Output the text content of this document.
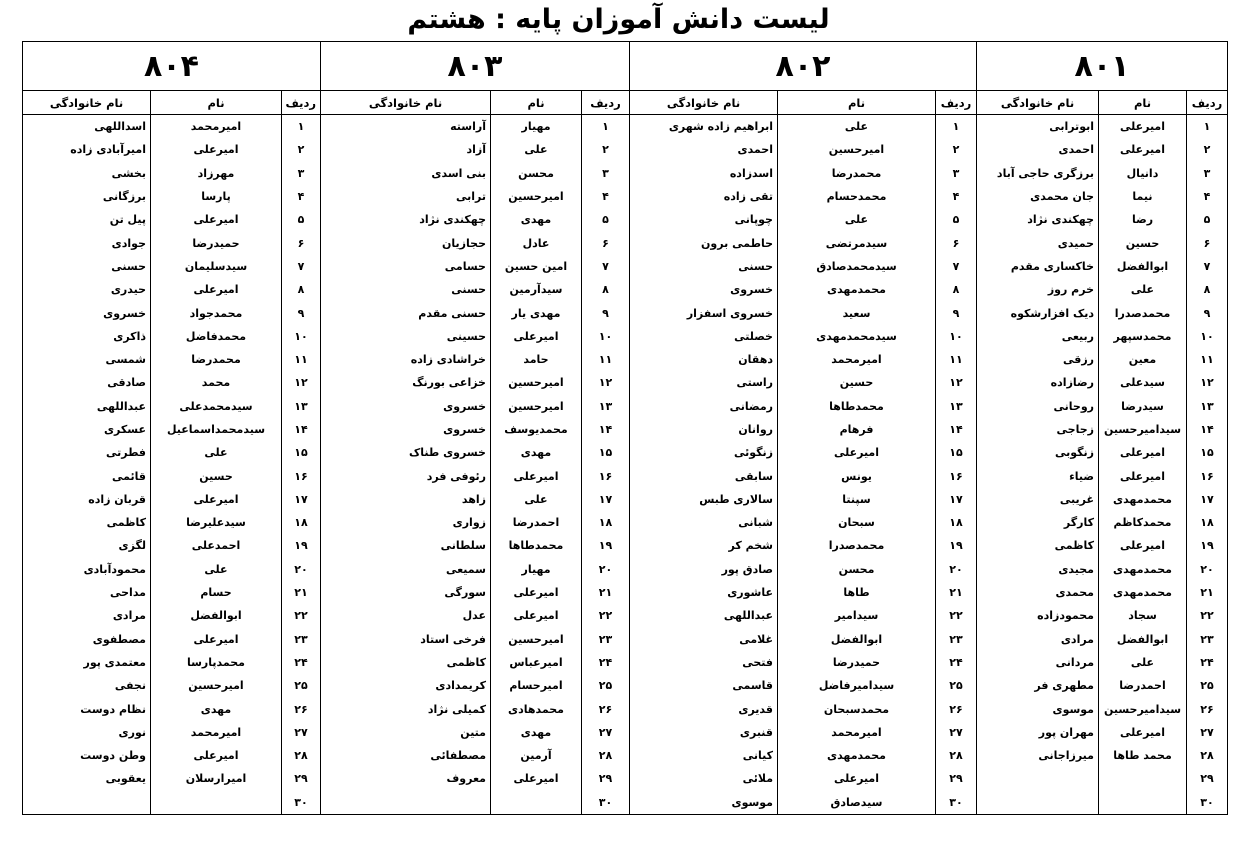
لیست دانش آموزان پایه : هشتم
۸۰۱			۸۰۲			۸۰۳			۸۰۴		
ردیف	نام	نام خانوادگی	ردیف	نام	نام خانوادگی	ردیف	نام	نام خانوادگی	ردیف	نام	نام خانوادگی
۱	امیرعلی	ابوترابی	۱	علی	ابراهیم زاده شهری	۱	مهیار	آراسته	۱	امیرمحمد	اسداللهی
۲	امیرعلی	احمدی	۲	امیرحسین	احمدی	۲	علی	آزاد	۲	امیرعلی	امیرآبادی زاده
۳	دانیال	برزگری حاجی آباد	۳	محمدرضا	اسدزاده	۳	محسن	بنی اسدی	۳	مهرزاد	بخشی
۴	نیما	جان محمدی	۴	محمدحسام	تقی زاده	۴	امیرحسین	ترابی	۴	پارسا	برزگانی
۵	رضا	چهکندی نژاد	۵	علی	چوپانی	۵	مهدی	چهکندی نژاد	۵	امیرعلی	پیل تن
۶	حسین	حمیدی	۶	سیدمرتضی	حاطمی برون	۶	عادل	حجازیان	۶	حمیدرضا	جوادی
۷	ابوالفضل	خاکساری مقدم	۷	سیدمحمدصادق	حسنی	۷	امین حسین	حسامی	۷	سیدسلیمان	حسنی
۸	علی	خرم روز	۸	محمدمهدی	خسروی	۸	سیدآرمین	حسنی	۸	امیرعلی	حیدری
۹	محمدصدرا	دیک افزارشکوه	۹	سعید	خسروی اسفزار	۹	مهدی یار	حسنی مقدم	۹	محمدجواد	خسروی
۱۰	محمدسپهر	ربیعی	۱۰	سیدمحمدمهدی	خصلتی	۱۰	امیرعلی	حسینی	۱۰	محمدفاضل	ذاکری
۱۱	معین	رزقی	۱۱	امیرمحمد	دهقان	۱۱	حامد	خراشادی زاده	۱۱	محمدرضا	شمسی
۱۲	سیدعلی	رضازاده	۱۲	حسین	راستی	۱۲	امیرحسین	خزاعی بورنگ	۱۲	محمد	صادقی
۱۳	سیدرضا	روحانی	۱۳	محمدطاها	رمضانی	۱۳	امیرحسین	خسروی	۱۳	سیدمحمدعلی	عبداللهی
۱۴	سیدامیرحسین	زجاجی	۱۴	فرهام	روانان	۱۴	محمدیوسف	خسروی	۱۴	سیدمحمداسماعیل	عسکری
۱۵	امیرعلی	زنگوبی	۱۵	امیرعلی	زنگوئی	۱۵	مهدی	خسروی طناک	۱۵	علی	فطرتی
۱۶	امیرعلی	ضیاء	۱۶	یونس	سابقی	۱۶	امیرعلی	رئوفی فرد	۱۶	حسین	قائمی
۱۷	محمدمهدی	غریبی	۱۷	سپنتا	سالاری طبس	۱۷	علی	زاهد	۱۷	امیرعلی	قربان زاده
۱۸	محمدکاظم	کارگر	۱۸	سبحان	شبانی	۱۸	احمدرضا	زواری	۱۸	سیدعلیرضا	کاظمی
۱۹	امیرعلی	کاظمی	۱۹	محمدصدرا	شخم کر	۱۹	محمدطاها	سلطانی	۱۹	احمدعلی	لگزی
۲۰	محمدمهدی	مجیدی	۲۰	محسن	صادق پور	۲۰	مهیار	سمیعی	۲۰	علی	محمودآبادی
۲۱	محمدمهدی	محمدی	۲۱	طاها	عاشوری	۲۱	امیرعلی	سورگی	۲۱	حسام	مداحی
۲۲	سجاد	محمودزاده	۲۲	سیدامیر	عبداللهی	۲۲	امیرعلی	عدل	۲۲	ابوالفضل	مرادی
۲۳	ابوالفضل	مرادی	۲۳	ابوالفضل	غلامی	۲۳	امیرحسین	فرخی استاد	۲۳	امیرعلی	مصطفوی
۲۴	علی	مردانی	۲۴	حمیدرضا	فتحی	۲۴	امیرعباس	کاظمی	۲۴	محمدپارسا	معتمدی پور
۲۵	احمدرضا	مطهری فر	۲۵	سیدامیرفاضل	قاسمی	۲۵	امیرحسام	کریمدادی	۲۵	امیرحسین	نجفی
۲۶	سیدامیرحسین	موسوی	۲۶	محمدسبحان	قدیری	۲۶	محمدهادی	کمیلی نژاد	۲۶	مهدی	نظام دوست
۲۷	امیرعلی	مهران پور	۲۷	امیرمحمد	قنبری	۲۷	مهدی	متین	۲۷	امیرمحمد	نوری
۲۸	محمد طاها	میرزاجانی	۲۸	محمدمهدی	کیانی	۲۸	آرمین	مصطفائی	۲۸	امیرعلی	وطن دوست
۲۹			۲۹	امیرعلی	ملائی	۲۹	امیرعلی	معروف	۲۹	امیرارسلان	یعقوبی
۳۰			۳۰	سیدصادق	موسوی	۳۰			۳۰		
